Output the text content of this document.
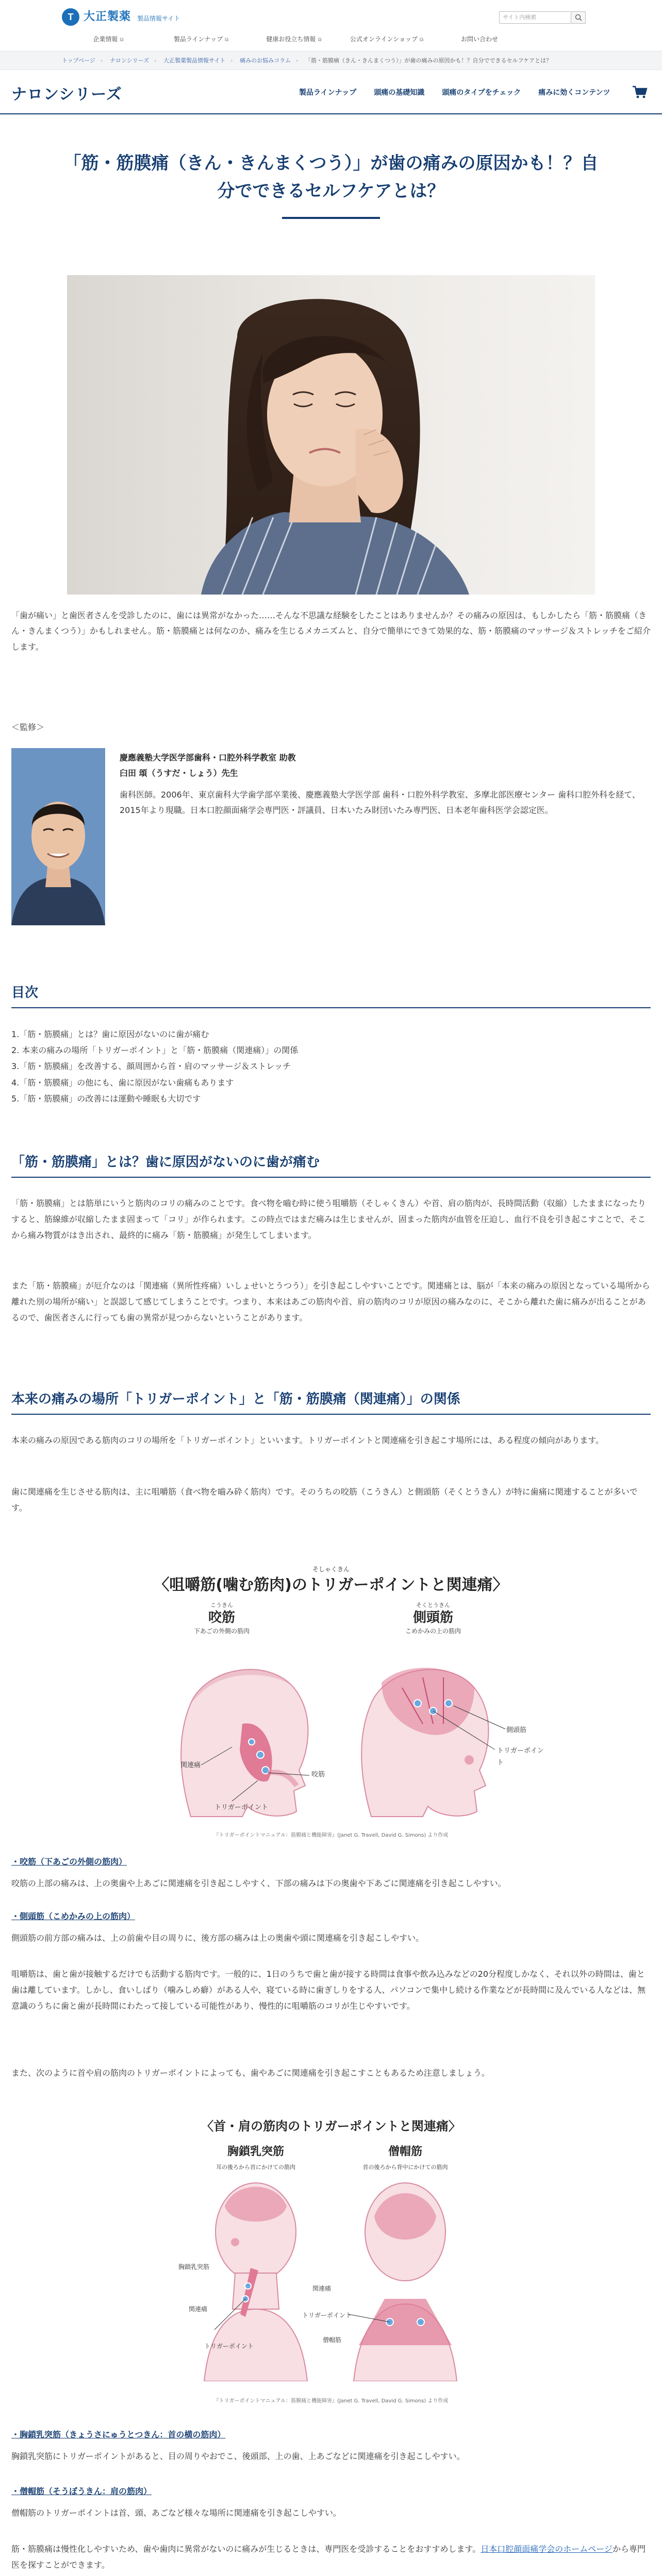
T 大正製薬 製品情報サイト	サイト内検索
企業情報 ⧉	製品ラインナップ ⧉	健康お役立ち情報 ⧉	公式オンラインショップ ⧉	お問い合わせ
トップページ › ナロンシリーズ › 大正製薬製品情報サイト › 痛みのお悩みコラム › 「筋・筋膜痛（きん・きんまくつう）」が歯の痛みの原因かも！？自分でできるセルフケアとは？
ナロンシリーズ	製品ラインナップ 頭痛の基礎知識 頭痛のタイプをチェック 痛みに効くコンテンツ
「筋・筋膜痛（きん・きんまくつう）」が歯の痛みの原因かも！？自分でできるセルフケアとは？

「歯が痛い」と歯医者さんを受診したのに、歯には異常がなかった……そんな不思議な経験をしたことはありませんか？その痛みの原因は、もしかしたら「筋・筋膜痛（きん・きんまくつう）」かもしれません。筋・筋膜痛とは何なのか、痛みを生じるメカニズムと、自分で簡単にできて効果的な、筋・筋膜痛のマッサージ＆ストレッチをご紹介します。

＜監修＞
慶應義塾大学医学部歯科・口腔外科学教室 助教
臼田 頌（うすだ・しょう）先生

歯科医師。2006年、東京歯科大学歯学部卒業後、慶應義塾大学医学部 歯科・口腔外科学教室、多摩北部医療センター 歯科口腔外科を経て、2015年より現職。日本口腔顔面痛学会専門医・評議員、日本いたみ財団いたみ専門医、日本老年歯科医学会認定医。

目次
1.「筋・筋膜痛」とは？歯に原因がないのに歯が痛む
2. 本来の痛みの場所「トリガーポイント」と「筋・筋膜痛（関連痛）」の関係
3.「筋・筋膜痛」を改善する、顔周囲から首・肩のマッサージ＆ストレッチ
4.「筋・筋膜痛」の他にも、歯に原因がない歯痛もあります
5.「筋・筋膜痛」の改善には運動や睡眠も大切です
「筋・筋膜痛」とは？歯に原因がないのに歯が痛む

「筋・筋膜痛」とは筋単にいうと筋肉のコリの痛みのことです。食べ物を嚙む時に使う咀嚼筋（そしゃくきん）や首、肩の筋肉が、長時間活動（収縮）したままになったりすると、筋線維が収縮したまま固まって「コリ」が作られます。この時点ではまだ痛みは生じませんが、固まった筋肉が血管を圧迫し、血行不良を引き起こすことで、そこから痛み物質がはき出され、最終的に痛み「筋・筋膜痛」が発生してしまいます。

また「筋・筋膜痛」が厄介なのは「関連痛（異所性疼痛）いしょせいとうつう）」を引き起こしやすいことです。関連痛とは、脳が「本来の痛みの原因となっている場所から離れた別の場所が痛い」と誤認して感じてしまうことです。つまり、本来はあごの筋肉や首、肩の筋肉のコリが原因の痛みなのに、そこから離れた歯に痛みが出ることがあるので、歯医者さんに行っても歯の異常が見つからないということがあります。

本来の痛みの場所「トリガーポイント」と「筋・筋膜痛（関連痛）」の関係

本来の痛みの原因である筋肉のコリの場所を「トリガーポイント」といいます。トリガーポイントと関連痛を引き起こす場所には、ある程度の傾向があります。

歯に関連痛を生じさせる筋肉は、主に咀嚼筋（食べ物を嚙み砕く筋肉）です。そのうちの咬筋（こうきん）と側頭筋（そくとうきん）が特に歯痛に関連することが多いです。

そしゃくきん
〈咀嚼筋(噛む筋肉)のトリガーポイントと関連痛〉
こうきん
咬筋
下あごの外側の筋肉
そくとうきん
側頭筋
こめかみの上の筋肉
咬筋
関連痛
トリガーポイント
側頭筋
トリガーポイント
『トリガーポイントマニュアル：筋膜痛と機能障害』(Janet G. Travell, David G. Simons) より作成

・咬筋（下あごの外側の筋肉）

咬筋の上部の痛みは、上の奥歯や上あごに関連痛を引き起こしやすく、下部の痛みは下の奥歯や下あごに関連痛を引き起こしやすい。

・側頭筋（こめかみの上の筋肉）

側頭筋の前方部の痛みは、上の前歯や目の周りに、後方部の痛みは上の奥歯や頭に関連痛を引き起こしやすい。

咀嚼筋は、歯と歯が接触するだけでも活動する筋肉です。一般的に、1日のうちで歯と歯が接する時間は食事や飲み込みなどの20分程度しかなく、それ以外の時間は、歯と歯は離しています。しかし、食いしばり（噛みしめ癖）がある人や、寝ている時に歯ぎしりをする人、パソコンで集中し続ける作業などが長時間に及んでいる人などは、無意識のうちに歯と歯が長時間にわたって接している可能性があり、慢性的に咀嚼筋のコリが生じやすいです。

また、次のように首や肩の筋肉のトリガーポイントによっても、歯やあごに関連痛を引き起こすこともあるため注意しましょう。

〈首・肩の筋肉のトリガーポイントと関連痛〉
胸鎖乳突筋
耳の後ろから首にかけての筋肉
僧帽筋
首の後ろから背中にかけての筋肉
胸鎖乳突筋
関連痛
トリガーポイント
関連痛
トリガーポイント
僧帽筋
『トリガーポイントマニュアル：筋膜痛と機能障害』(Janet G. Travell, David G. Simons) より作成

・胸鎖乳突筋（きょうさにゅうとつきん：首の横の筋肉）

胸鎖乳突筋にトリガーポイントがあると、目の周りやおでこ、後頭部、上の歯、上あごなどに関連痛を引き起こしやすい。

・僧帽筋（そうぼうきん：肩の筋肉）

僧帽筋のトリガーポイントは首、頭、あごなど様々な場所に関連痛を引き起こしやすい。

筋・筋膜痛は慢性化しやすいため、歯や歯肉に異常がないのに痛みが生じるときは、専門医を受診することをおすすめします。日本口腔顔面痛学会のホームページから専門医を探すことができます。
